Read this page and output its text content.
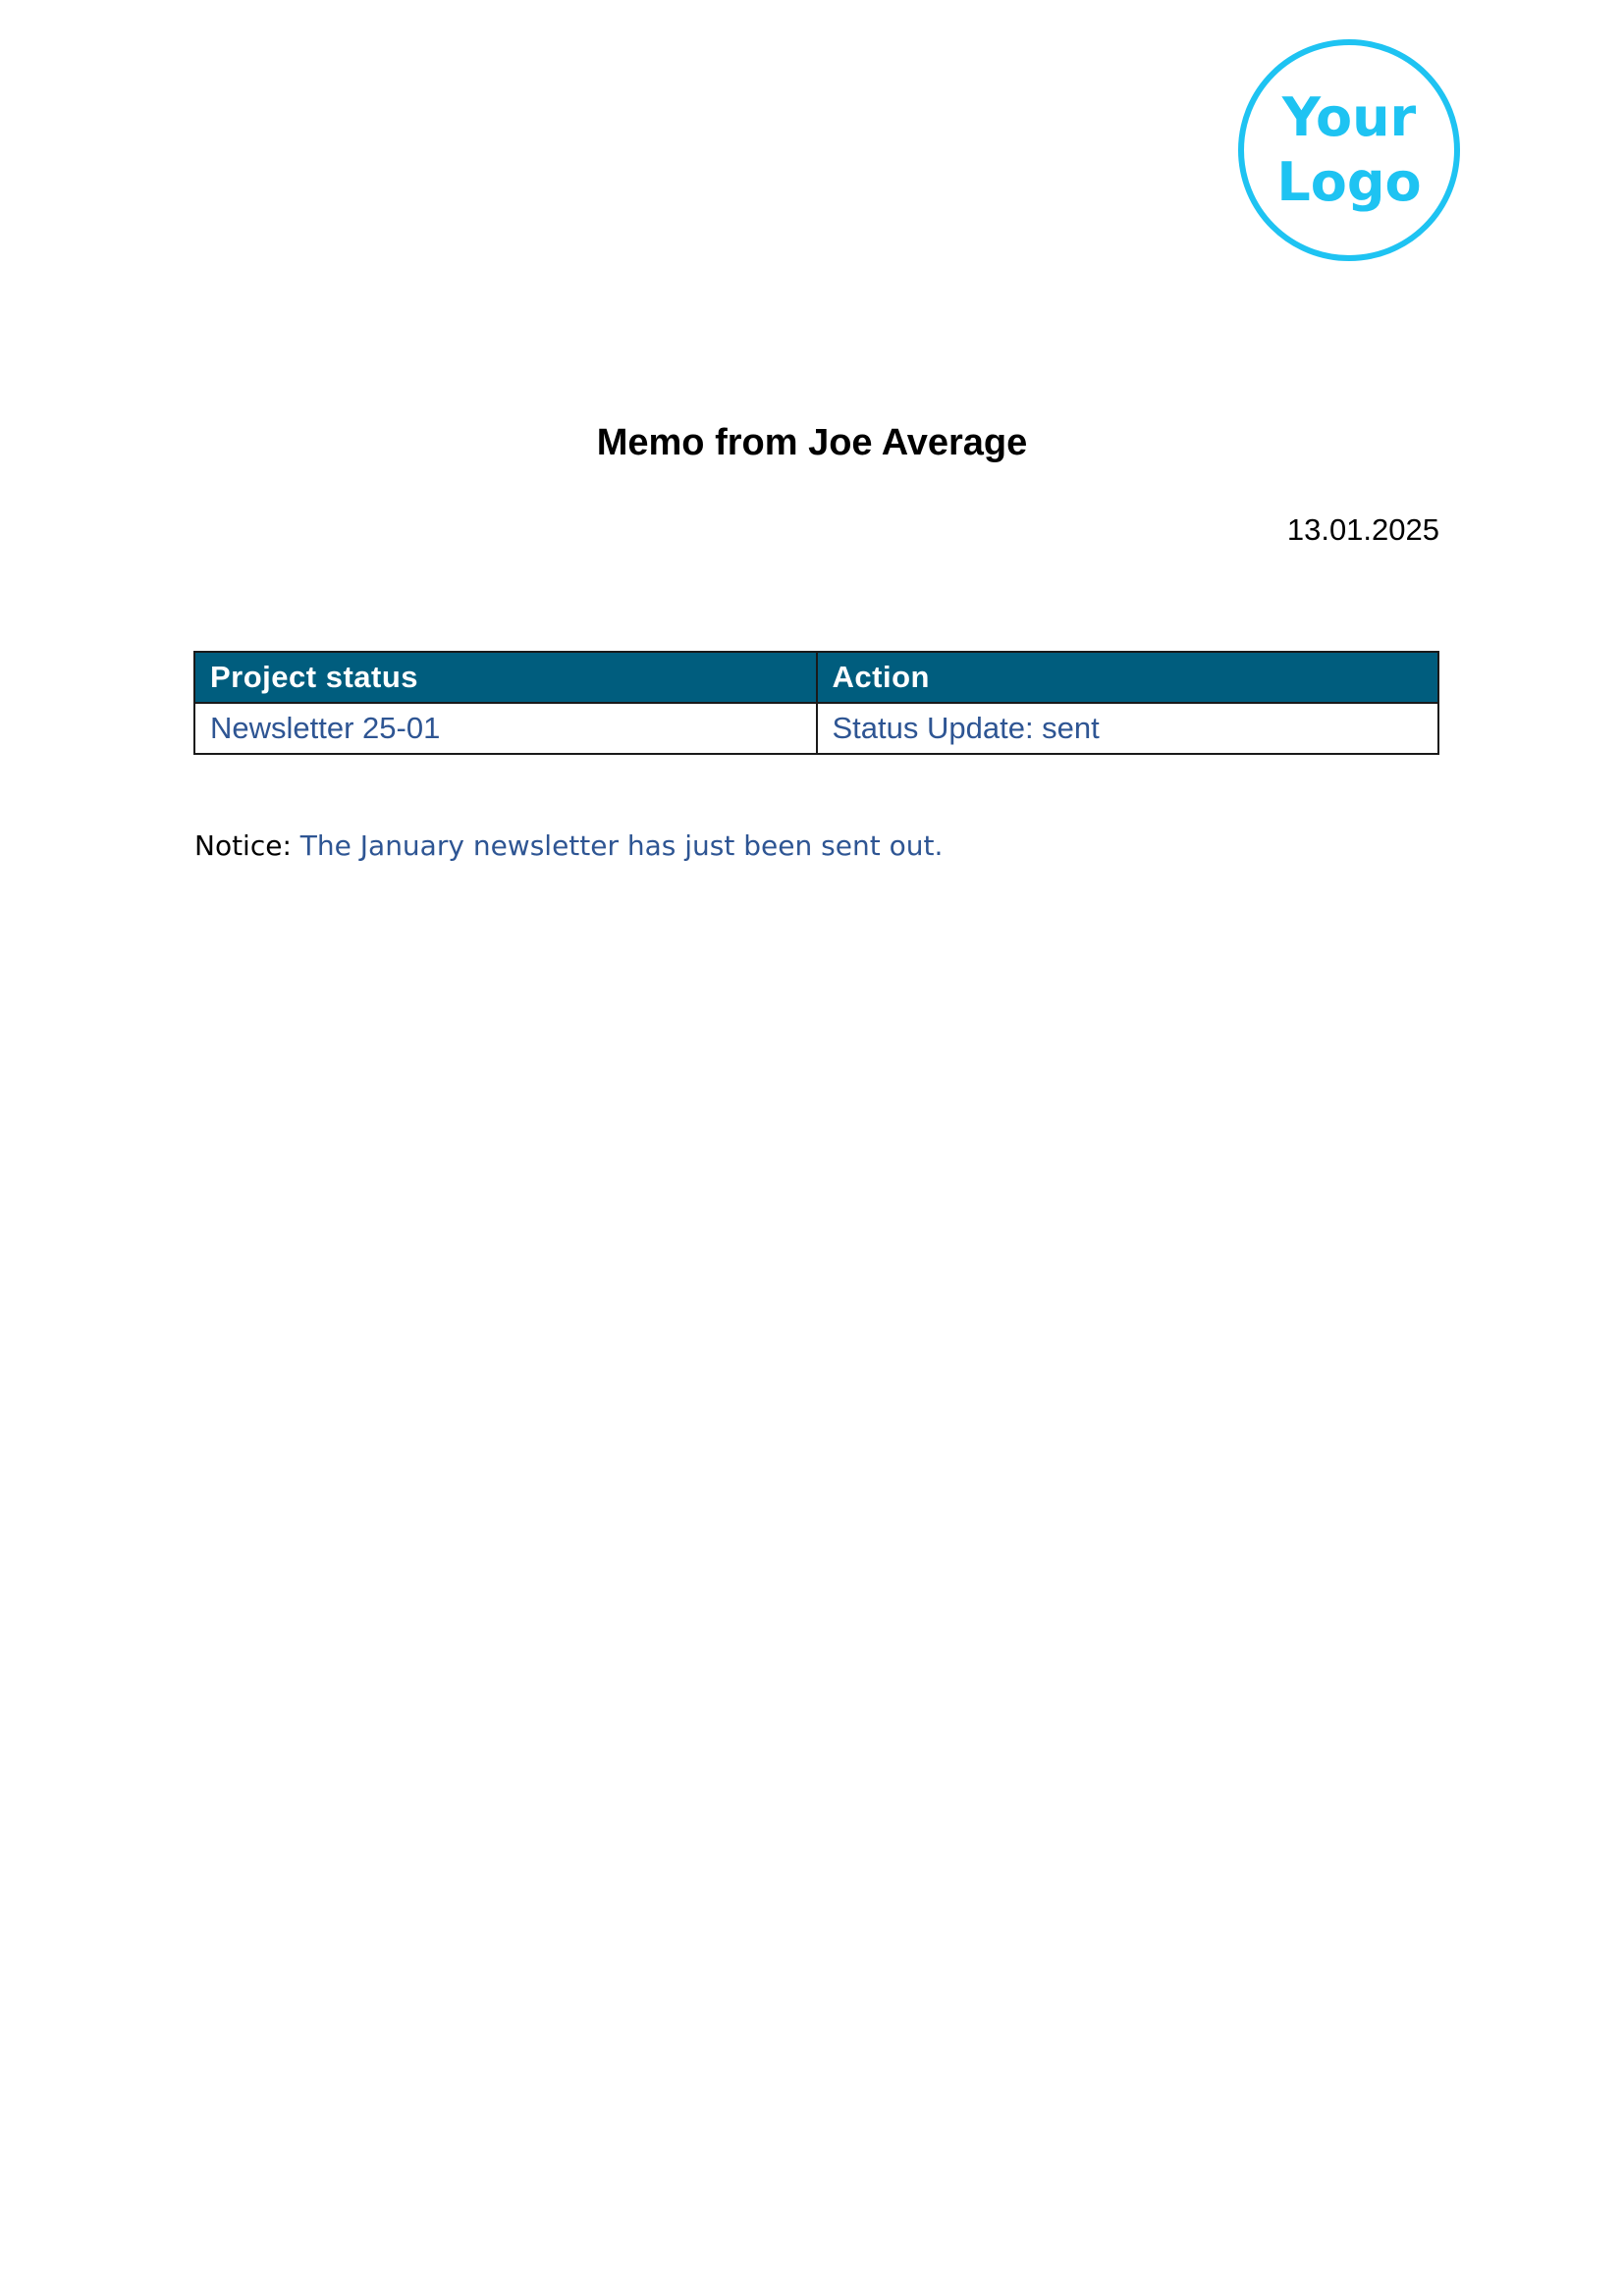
Your
Logo
Memo from Joe Average
13.01.2025
Project status	Action
Newsletter 25-01	Status Update: sent
Notice: The January newsletter has just been sent out.
